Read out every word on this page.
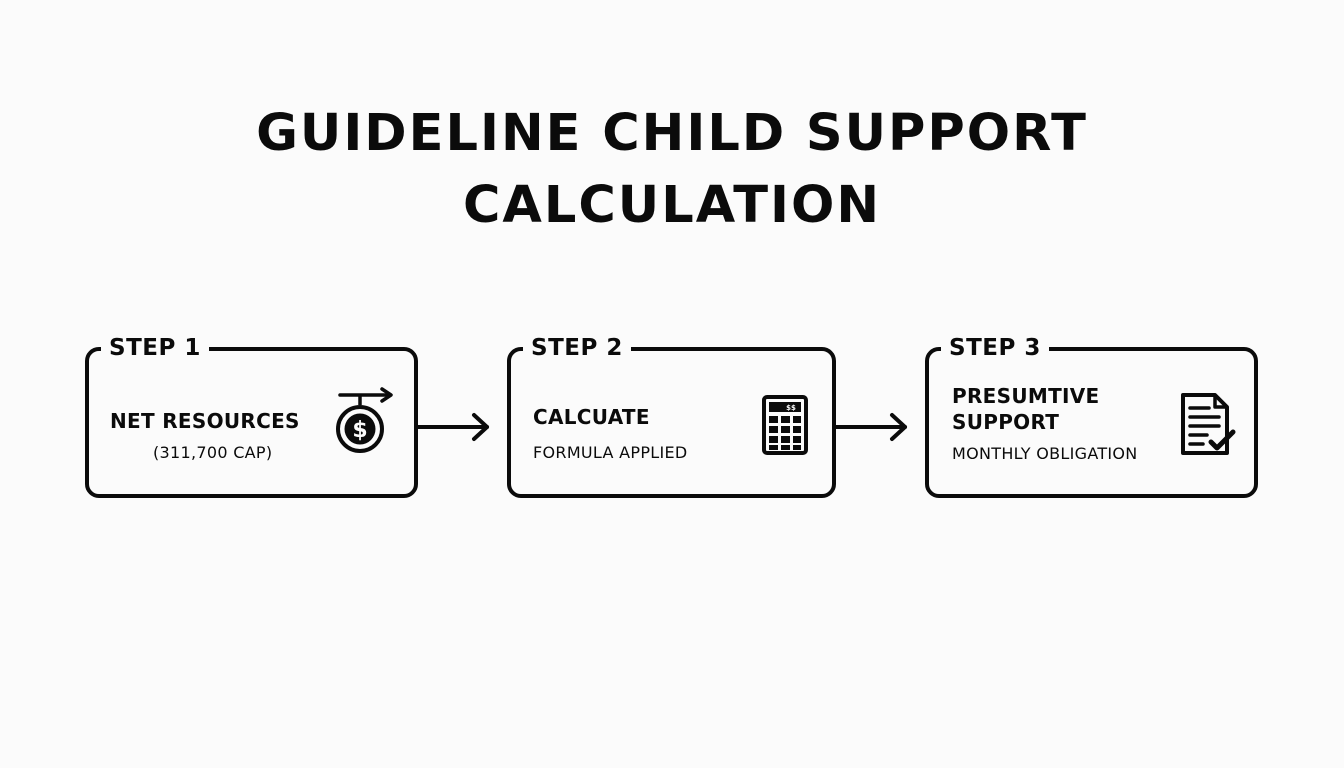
GUIDELINE CHILD SUPPORT
CALCULATION
STEP 1
NET RESOURCES
(311,700 CAP)
$
STEP 2
CALCUATE
FORMULA APPLIED
$$
STEP 3
PRESUMTIVE
SUPPORT
MONTHLY OBLIGATION
